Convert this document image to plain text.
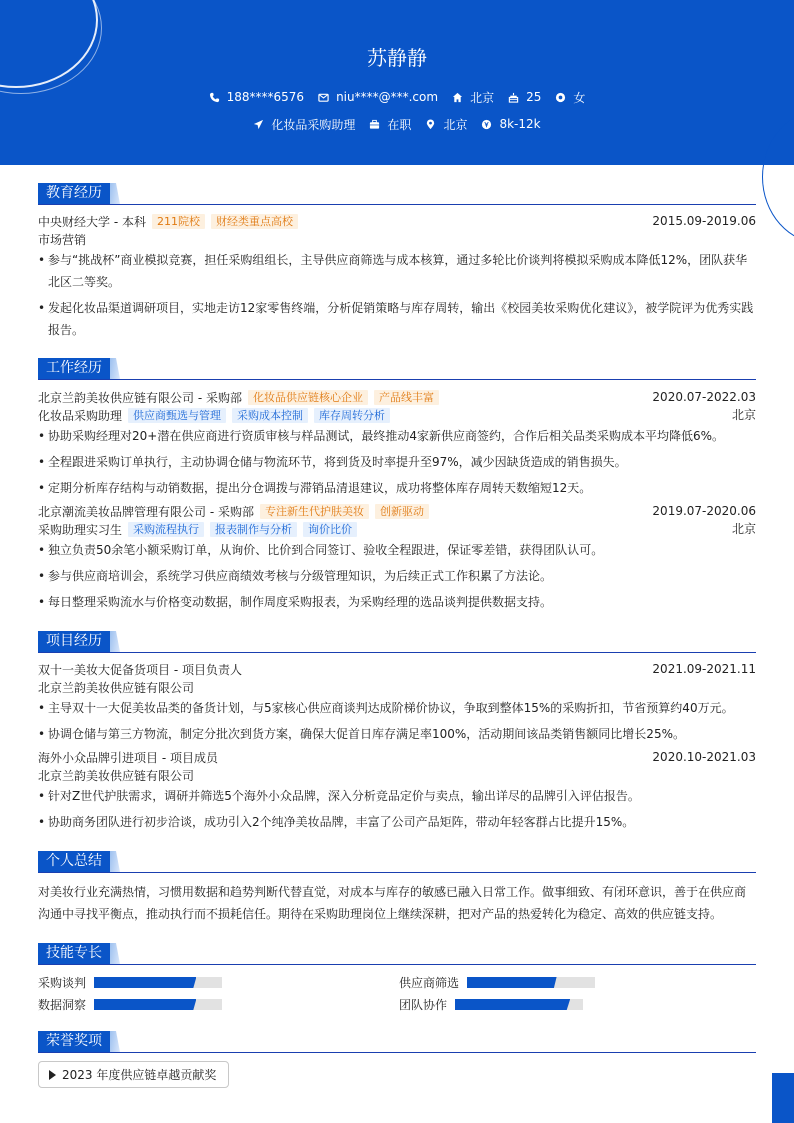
苏静静
188****6576	niu****@***.com	北京	25	女
化妆品采购助理	在职	北京	8k-12k
教育经历
中央财经大学 - 本科	211院校	财经类重点高校	2015.09-2019.06
市场营销
• 参与“挑战杯”商业模拟竞赛，担任采购组组长，主导供应商筛选与成本核算，通过多轮比价谈判将模拟采购成本降低12%，团队获华北区二等奖。
• 发起化妆品渠道调研项目，实地走访12家零售终端，分析促销策略与库存周转，输出《校园美妆采购优化建议》，被学院评为优秀实践报告。
工作经历
北京兰韵美妆供应链有限公司 - 采购部	化妆品供应链核心企业	产品线丰富	2020.07-2022.03
化妆品采购助理	供应商甄选与管理	采购成本控制	库存周转分析	北京
• 协助采购经理对20+潜在供应商进行资质审核与样品测试，最终推动4家新供应商签约，合作后相关品类采购成本平均降低6%。
• 全程跟进采购订单执行，主动协调仓储与物流环节，将到货及时率提升至97%，减少因缺货造成的销售损失。
• 定期分析库存结构与动销数据，提出分仓调拨与滞销品清退建议，成功将整体库存周转天数缩短12天。
北京潮流美妆品牌管理有限公司 - 采购部	专注新生代护肤美妆	创新驱动	2019.07-2020.06
采购助理实习生	采购流程执行	报表制作与分析	询价比价	北京
• 独立负责50余笔小额采购订单，从询价、比价到合同签订、验收全程跟进，保证零差错，获得团队认可。
• 参与供应商培训会，系统学习供应商绩效考核与分级管理知识，为后续正式工作积累了方法论。
• 每日整理采购流水与价格变动数据，制作周度采购报表，为采购经理的选品谈判提供数据支持。
项目经历
双十一美妆大促备货项目 - 项目负责人	2021.09-2021.11
北京兰韵美妆供应链有限公司
• 主导双十一大促美妆品类的备货计划，与5家核心供应商谈判达成阶梯价协议，争取到整体15%的采购折扣，节省预算约40万元。
• 协调仓储与第三方物流，制定分批次到货方案，确保大促首日库存满足率100%，活动期间该品类销售额同比增长25%。
海外小众品牌引进项目 - 项目成员	2020.10-2021.03
北京兰韵美妆供应链有限公司
• 针对Z世代护肤需求，调研并筛选5个海外小众品牌，深入分析竞品定价与卖点，输出详尽的品牌引入评估报告。
• 协助商务团队进行初步洽谈，成功引入2个纯净美妆品牌，丰富了公司产品矩阵，带动年轻客群占比提升15%。
个人总结
对美妆行业充满热情，习惯用数据和趋势判断代替直觉，对成本与库存的敏感已融入日常工作。做事细致、有闭环意识，善于在供应商沟通中寻找平衡点，推动执行而不损耗信任。期待在采购助理岗位上继续深耕，把对产品的热爱转化为稳定、高效的供应链支持。
技能专长
采购谈判	供应商筛选
数据洞察	团队协作
荣誉奖项
2023 年度供应链卓越贡献奖
